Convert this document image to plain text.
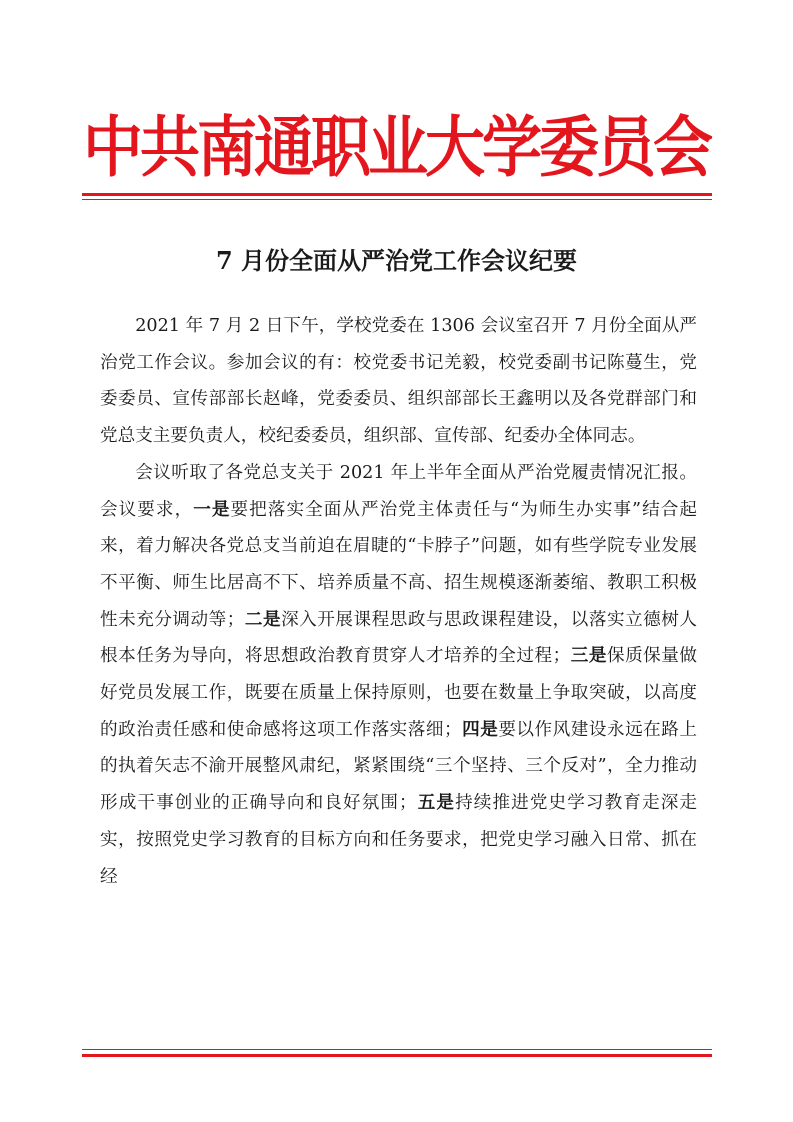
中共南通职业大学委员会
7 月份全面从严治党工作会议纪要

2021 年 7 月 2 日下午，学校党委在 1306 会议室召开 7 月份全面从严治党工作会议。参加会议的有：校党委书记羌毅，校党委副书记陈蔓生，党委委员、宣传部部长赵峰，党委委员、组织部部长王鑫明以及各党群部门和党总支主要负责人，校纪委委员，组织部、宣传部、纪委办全体同志。

会议听取了各党总支关于 2021 年上半年全面从严治党履责情况汇报。会议要求，一是要把落实全面从严治党主体责任与“为师生办实事”结合起来，着力解决各党总支当前迫在眉睫的“卡脖子”问题，如有些学院专业发展不平衡、师生比居高不下、培养质量不高、招生规模逐渐萎缩、教职工积极性未充分调动等；二是深入开展课程思政与思政课程建设，以落实立德树人根本任务为导向，将思想政治教育贯穿人才培养的全过程；三是保质保量做好党员发展工作，既要在质量上保持原则，也要在数量上争取突破，以高度的政治责任感和使命感将这项工作落实落细；四是要以作风建设永远在路上的执着矢志不渝开展整风肃纪，紧紧围绕“三个坚持、三个反对”，全力推动形成干事创业的正确导向和良好氛围；五是持续推进党史学习教育走深走实，按照党史学习教育的目标方向和任务要求，把党史学习融入日常、抓在经
